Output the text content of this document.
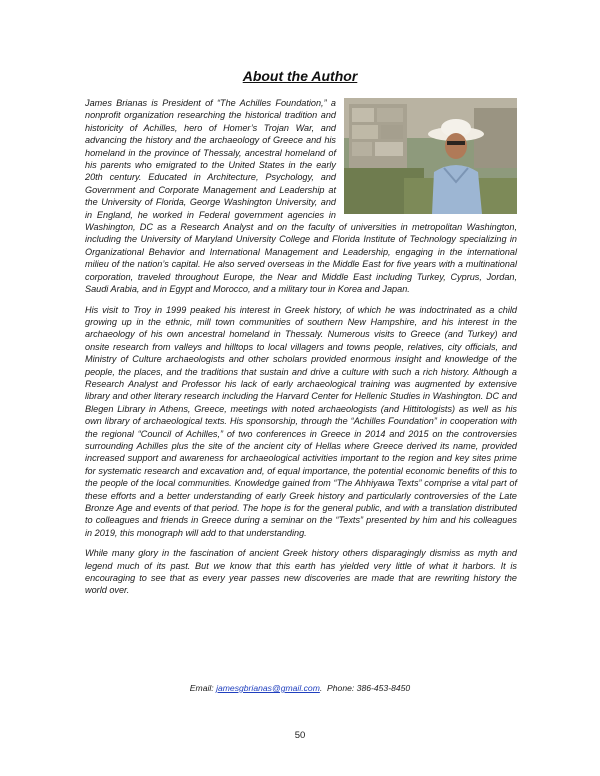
About the Author

James Brianas is President of “The Achilles Foundation,” a nonprofit organization researching the historical tradition and historicity of Achilles, hero of Homer’s Trojan War, and advancing the history and the archaeology of Greece and his homeland in the province of Thessaly, ancestral homeland of his parents who emigrated to the United States in the early 20th century. Educated in Architecture, Psychology, and Government and Corporate Management and Leadership at the University of Florida, George Washington University, and in England, he worked in Federal government agencies in Washington, DC as a Research Analyst and on the faculty of universities in metropolitan Washington, including the University of Maryland University College and Florida Institute of Technology specializing in Organizational Behavior and International Management and Leadership, engaging in the international milieu of the nation’s capital. He also served overseas in the Middle East for five years with a multinational corporation, traveled throughout Europe, the Near and Middle East including Turkey, Cyprus, Jordan, Saudi Arabia, and in Egypt and Morocco, and a military tour in Korea and Japan.

His visit to Troy in 1999 peaked his interest in Greek history, of which he was indoctrinated as a child growing up in the ethnic, mill town communities of southern New Hampshire, and his interest in the archaeology of his own ancestral homeland in Thessaly. Numerous visits to Greece (and Turkey) and onsite research from valleys and hilltops to local villagers and towns people, relatives, city officials, and Ministry of Culture archaeologists and other scholars provided enormous insight and knowledge of the people, the places, and the traditions that sustain and drive a culture with such a rich history. Although a Research Analyst and Professor his lack of early archaeological training was augmented by extensive library and other literary research including the Harvard Center for Hellenic Studies in Washington. DC and Blegen Library in Athens, Greece, meetings with noted archaeologists (and Hittitologists) as well as his own library of archaeological texts. His sponsorship, through the “Achilles Foundation” in cooperation with the regional “Council of Achilles,” of two conferences in Greece in 2014 and 2015 on the controversies surrounding Achilles plus the site of the ancient city of Hellas where Greece derived its name, provided increased support and awareness for archaeological activities important to the region and key sites prime for systematic research and excavation and, of equal importance, the potential economic benefits of this to the people of the local communities. Knowledge gained from “The Ahhiyawa Texts” comprise a vital part of these efforts and a better understanding of early Greek history and particularly controversies of the Late Bronze Age and events of that period. The hope is for the general public, and with a translation distributed to colleagues and friends in Greece during a seminar on the “Texts” presented by him and his colleagues in 2019, this monograph will add to that understanding.

While many glory in the fascination of ancient Greek history others disparagingly dismiss as myth and legend much of its past. But we know that this earth has yielded very little of what it harbors. It is encouraging to see that as every year passes new discoveries are made that are rewriting history the world over.

Email: jamesgbrianas@gmail.com. Phone: 386-453-8450
50
